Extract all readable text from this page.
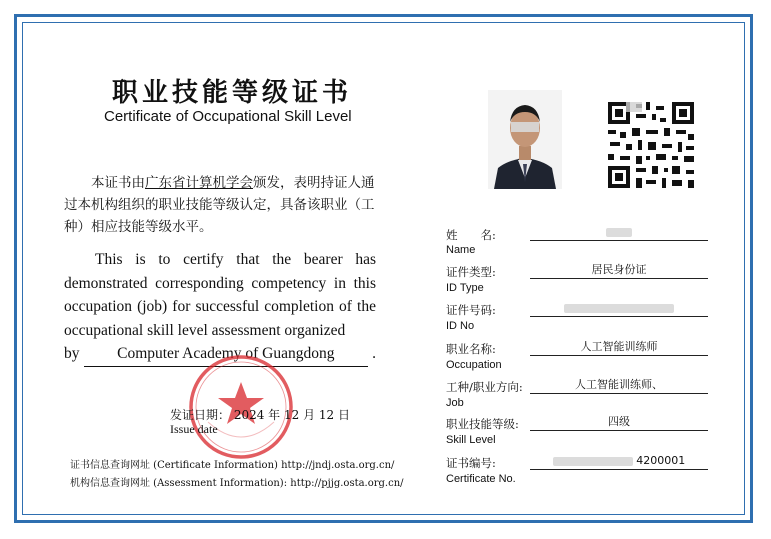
职业技能等级证书
Certificate of Occupational Skill Level
本证书由广东省计算机学会颁发，表明持证人通过本机构组织的职业技能等级认定，具备该职业（工种）相应技能等级水平。
This is to certify that the bearer has demonstrated corresponding competency in this occupation (job) for successful completion of the occupational skill level assessment organized
by	Computer Academy of Guangdong	.
发证日期： 2024 年 12 月 12 日
Issue date
证书信息查询网址 (Certificate Information) http://jndj.osta.org.cn/
机构信息查询网址 (Assessment Information): http://pjjg.osta.org.cn/
姓　　名:
Name
证件类型:
ID Type
居民身份证
证件号码:
ID No
职业名称:
Occupation
人工智能训练师
工种/职业方向:
Job
人工智能训练师、
职业技能等级:
Skill Level
四级
证书编号:
Certificate No.
4200001
